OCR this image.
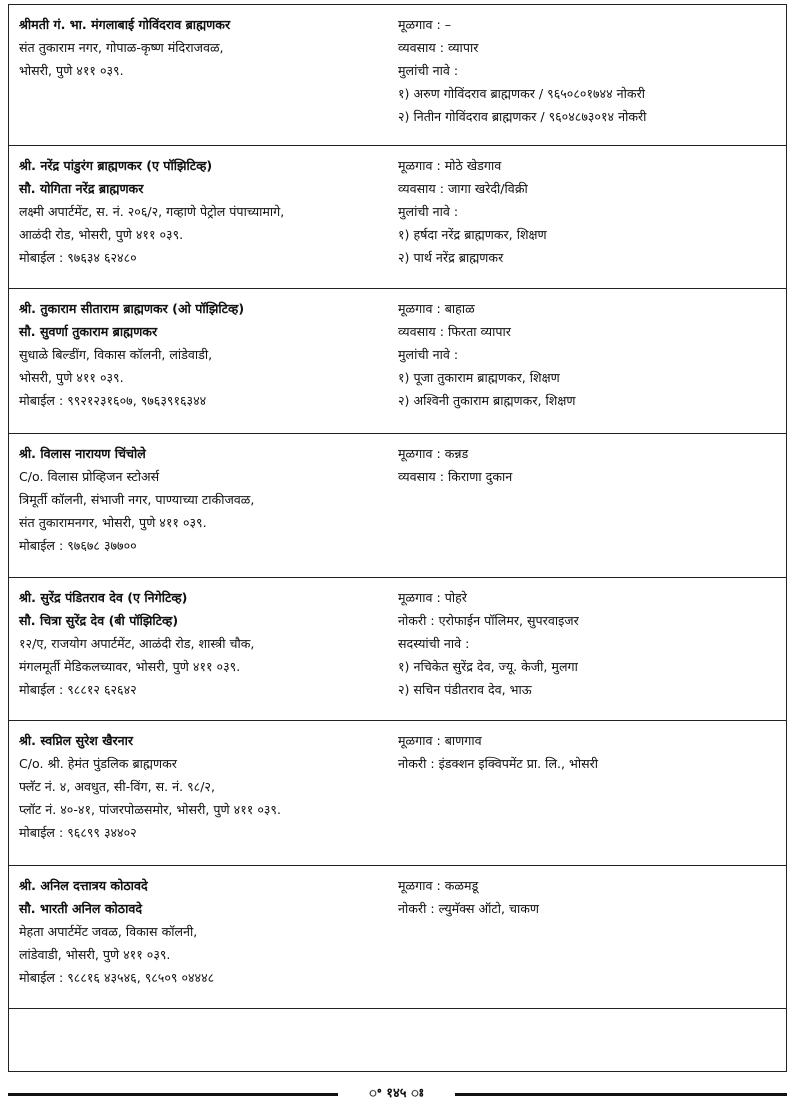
श्रीमती गं. भा. मंगलाबाई गोविंदराव ब्राह्मणकर
संत तुकाराम नगर, गोपाळ-कृष्ण मंदिराजवळ,
भोसरी, पुणे ४११ ०३९.
मूळगाव : –
व्यवसाय : व्यापार
मुलांची नावे :
१) अरुण गोविंदराव ब्राह्मणकर / ९६५०८०१७४४ नोकरी
२) नितीन गोविंदराव ब्राह्मणकर / ९६०४८७३०१४ नोकरी
श्री. नरेंद्र पांडुरंग ब्राह्मणकर (ए पॉझिटिव्ह)
सौ. योगिता नरेंद्र ब्राह्मणकर
लक्ष्मी अपार्टमेंट, स. नं. २०६/२, गव्हाणे पेट्रोल पंपाच्यामागे,
आळंदी रोड, भोसरी, पुणे ४११ ०३९.
मोबाईल : ९७६३४ ६२४८०
मूळगाव : मोठे खेडगाव
व्यवसाय : जागा खरेदी/विक्री
मुलांची नावे :
१) हर्षदा नरेंद्र ब्राह्मणकर, शिक्षण
२) पार्थ नरेंद्र ब्राह्मणकर
श्री. तुकाराम सीताराम ब्राह्मणकर (ओ पॉझिटिव्ह)
सौ. सुवर्णा तुकाराम ब्राह्मणकर
सुधाळे बिल्डींग, विकास कॉलनी, लांडेवाडी,
भोसरी, पुणे ४११ ०३९.
मोबाईल : ९९२१२३१६०७, ९७६३९१६३४४
मूळगाव : बाहाळ
व्यवसाय : फिरता व्यापार
मुलांची नावे :
१) पूजा तुकाराम ब्राह्मणकर, शिक्षण
२) अश्विनी तुकाराम ब्राह्मणकर, शिक्षण
श्री. विलास नारायण चिंचोले
C/o. विलास प्रोव्हिजन स्टोअर्स
त्रिमूर्ती कॉलनी, संभाजी नगर, पाण्याच्या टाकीजवळ,
संत तुकारामनगर, भोसरी, पुणे ४११ ०३९.
मोबाईल : ९७६७८ ३७७००
मूळगाव : कन्नड
व्यवसाय : किराणा दुकान
श्री. सुरेंद्र पंडितराव देव (ए निगेटिव्ह)
सौ. चित्रा सुरेंद्र देव (बी पॉझिटिव्ह)
१२/ए, राजयोग अपार्टमेंट, आळंदी रोड, शास्त्री चौक,
मंगलमूर्ती मेडिकलच्यावर, भोसरी, पुणे ४११ ०३९.
मोबाईल : ९८८१२ ६२६४२
मूळगाव : पोहरे
नोकरी : एरोफाईन पॉलिमर, सुपरवाइजर
सदस्यांची नावे :
१) नचिकेत सुरेंद्र देव, ज्यू. केजी, मुलगा
२) सचिन पंडीतराव देव, भाऊ
श्री. स्वप्निल सुरेश खैरनार
C/o. श्री. हेमंत पुंडलिक ब्राह्मणकर
फ्लॅट नं. ४, अवधुत, सी-विंग, स. नं. ९८/२,
प्लॉट नं. ४०-४१, पांजरपोळसमोर, भोसरी, पुणे ४११ ०३९.
मोबाईल : ९६८९९ ३४४०२
मूळगाव : बाणगाव
नोकरी : इंडक्शन इक्विपमेंट प्रा. लि., भोसरी
श्री. अनिल दत्तात्रय कोठावदे
सौ. भारती अनिल कोठावदे
मेहता अपार्टमेंट जवळ, विकास कॉलनी,
लांडेवाडी, भोसरी, पुणे ४११ ०३९.
मोबाईल : ९८८१६ ४३५४६, ९८५०९ ०४४४८
मूळगाव : कळमडू
नोकरी : ल्युमॅक्स ऑटो, चाकण
ꢀ १४५ ꢁ
